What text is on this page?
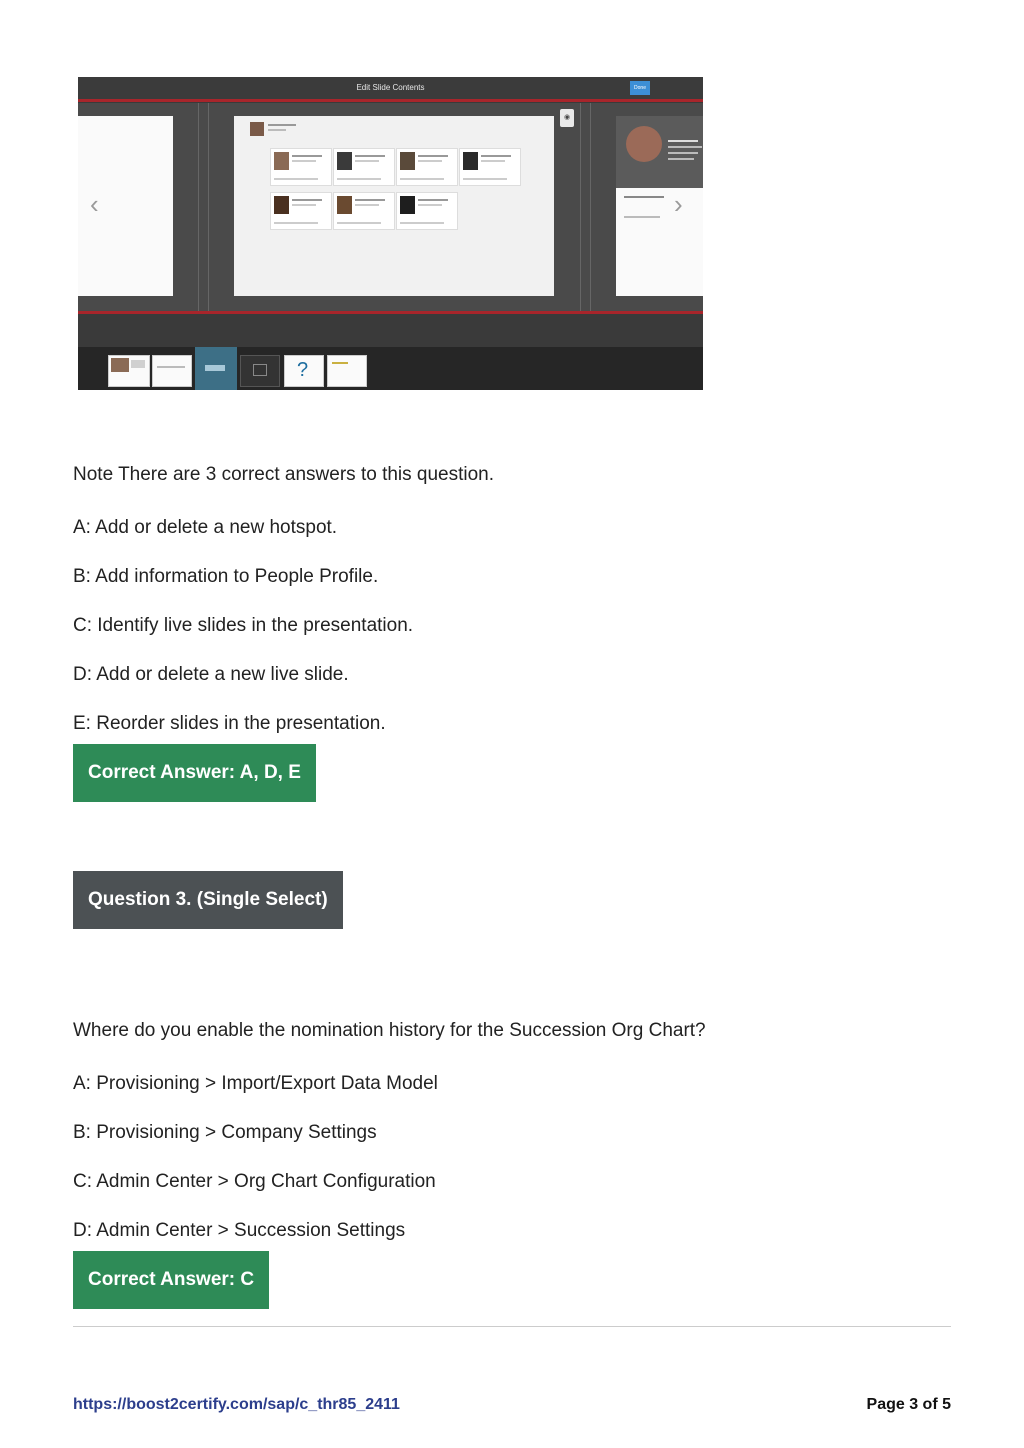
Edit Slide Contents	Done
◉
‹	›
?
Note There are 3 correct answers to this question.
A: Add or delete a new hotspot.
B: Add information to People Profile.
C: Identify live slides in the presentation.
D: Add or delete a new live slide.
E: Reorder slides in the presentation.
Correct Answer: A, D, E
Question 3. (Single Select)
Where do you enable the nomination history for the Succession Org Chart?
A: Provisioning > Import/Export Data Model
B: Provisioning > Company Settings
C: Admin Center > Org Chart Configuration
D: Admin Center > Succession Settings
Correct Answer: C
https://boost2certify.com/sap/c_thr85_2411	Page 3 of 5
